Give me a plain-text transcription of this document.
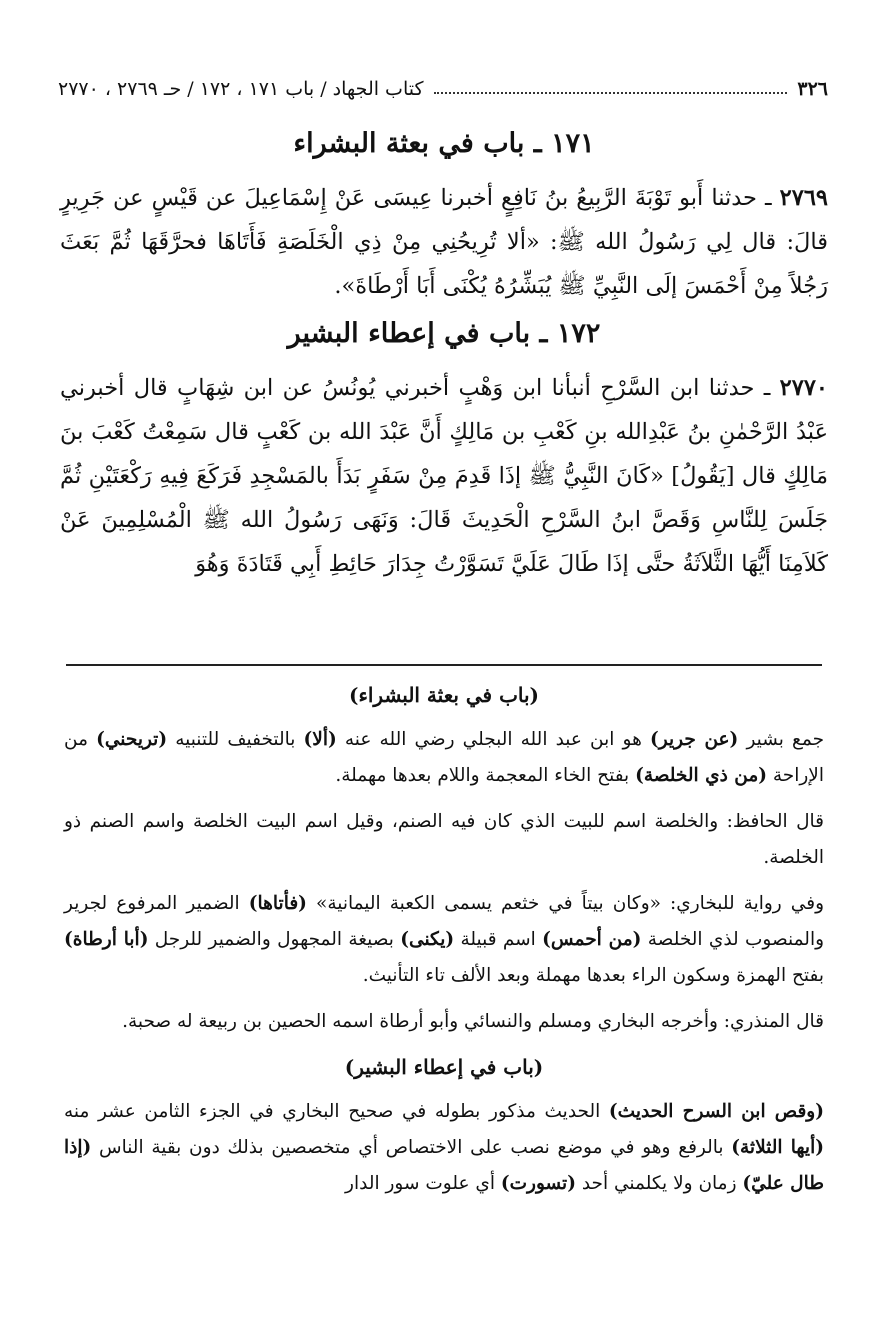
٣٢٦
كتاب الجهاد / باب ١٧١ ، ١٧٢ / حـ ٢٧٦٩ ، ٢٧٧٠
١٧١ ـ باب في بعثة البشراء

٢٧٦٩ ـ حدثنا أَبو تَوْبَةَ الرَّبِيعُ بنُ نَافِعٍ أخبرنا عِيسَى عَنْ إِسْمَاعِيلَ عن قَيْسٍ عن جَرِيرٍ قالَ: قال لِي رَسُولُ الله ﷺ: «ألا تُرِيحُنِي مِنْ ذِي الْخَلَصَةِ فَأَتَاهَا فحرَّقَهَا ثُمَّ بَعَثَ رَجُلاً مِنْ أَحْمَسَ إلَى النَّبِيِّ ﷺ يُبَشِّرُهُ يُكْنَى أَبَا أَرْطَاةَ».

١٧٢ ـ باب في إعطاء البشير

٢٧٧٠ ـ حدثنا ابن السَّرْحِ أنبأنا ابن وَهْبٍ أخبرني يُونُسُ عن ابن شِهَابٍ قال أخبرني عَبْدُ الرَّحْمٰنِ بنُ عَبْدِالله بنِ كَعْبِ بن مَالِكٍ أَنَّ عَبْدَ الله بن كَعْبٍ قال سَمِعْتُ كَعْبَ بنَ مَالِكٍ قال [يَقُولُ] «كَانَ النَّبِيُّ ﷺ إذَا قَدِمَ مِنْ سَفَرٍ بَدَأَ بالمَسْجِدِ فَرَكَعَ فِيهِ رَكْعَتَيْنِ ثُمَّ جَلَسَ لِلنَّاسِ وَقَصَّ ابنُ السَّرْحِ الْحَدِيثَ قَالَ: وَنَهَى رَسُولُ الله ﷺ الْمُسْلِمِينَ عَنْ كَلاَمِنَا أَيُّهَا الثَّلاَثَةُ حتَّى إذَا طَالَ عَلَيَّ تَسَوَّرْتُ جِدَارَ حَائِطِ أَبِي قَتَادَةَ وَهُوَ

(باب في بعثة البشراء)

جمع بشير (عن جرير) هو ابن عبد الله البجلي رضي الله عنه (ألا) بالتخفيف للتنبيه (تريحني) من الإراحة (من ذي الخلصة) بفتح الخاء المعجمة واللام بعدها مهملة.

قال الحافظ: والخلصة اسم للبيت الذي كان فيه الصنم، وقيل اسم البيت الخلصة واسم الصنم ذو الخلصة.

وفي رواية للبخاري: «وكان بيتاً في خثعم يسمى الكعبة اليمانية» (فأتاها) الضمير المرفوع لجرير والمنصوب لذي الخلصة (من أحمس) اسم قبيلة (يكنى) بصيغة المجهول والضمير للرجل (أبا أرطاة) بفتح الهمزة وسكون الراء بعدها مهملة وبعد الألف تاء التأنيث.

قال المنذري: وأخرجه البخاري ومسلم والنسائي وأبو أرطاة اسمه الحصين بن ربيعة له صحبة.

(باب في إعطاء البشير)

(وقص ابن السرح الحديث) الحديث مذكور بطوله في صحيح البخاري في الجزء الثامن عشر منه (أيها الثلاثة) بالرفع وهو في موضع نصب على الاختصاص أي متخصصين بذلك دون بقية الناس (إذا طال عليّ) زمان ولا يكلمني أحد (تسورت) أي علوت سور الدار
